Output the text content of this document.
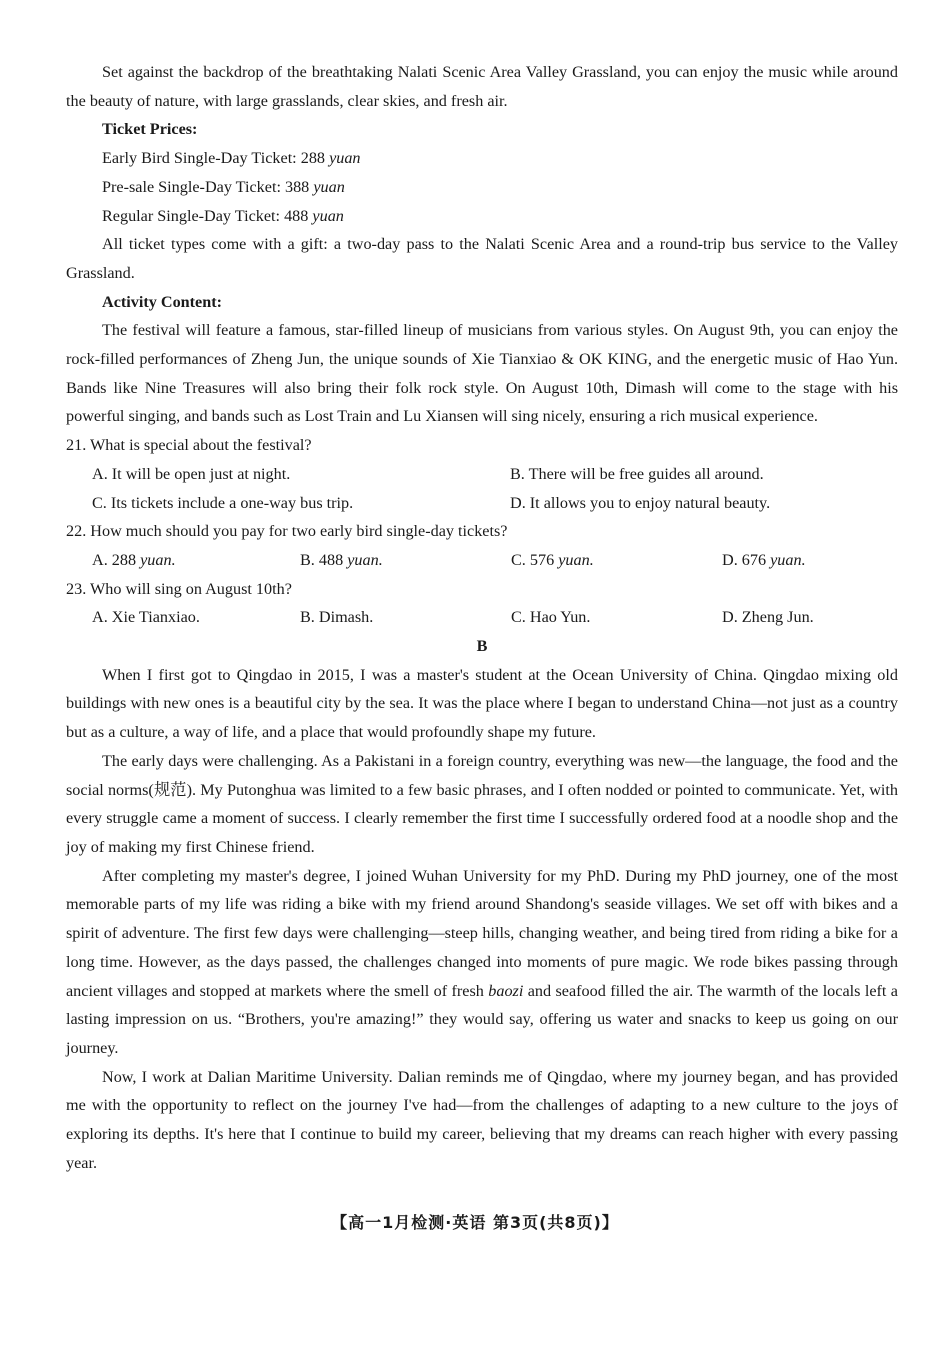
Set against the backdrop of the breathtaking Nalati Scenic Area Valley Grassland, you can enjoy the music while around the beauty of nature, with large grasslands, clear skies, and fresh air.

Ticket Prices:

Early Bird Single-Day Ticket: 288 yuan

Pre-sale Single-Day Ticket: 388 yuan

Regular Single-Day Ticket: 488 yuan

All ticket types come with a gift: a two-day pass to the Nalati Scenic Area and a round-trip bus service to the Valley Grassland.

Activity Content:

The festival will feature a famous, star-filled lineup of musicians from various styles. On August 9th, you can enjoy the rock-filled performances of Zheng Jun, the unique sounds of Xie Tianxiao & OK KING, and the energetic music of Hao Yun. Bands like Nine Treasures will also bring their folk rock style. On August 10th, Dimash will come to the stage with his powerful singing, and bands such as Lost Train and Lu Xiansen will sing nicely, ensuring a rich musical experience.

21. What is special about the festival?

A. It will be open just at night.	B. There will be free guides all around.
C. Its tickets include a one-way bus trip.	D. It allows you to enjoy natural beauty.

22. How much should you pay for two early bird single-day tickets?

A. 288 yuan.	B. 488 yuan.	C. 576 yuan.	D. 676 yuan.

23. Who will sing on August 10th?

A. Xie Tianxiao.	B. Dimash.	C. Hao Yun.	D. Zheng Jun.

B

When I first got to Qingdao in 2015, I was a master's student at the Ocean University of China. Qingdao mixing old buildings with new ones is a beautiful city by the sea. It was the place where I began to understand China—not just as a country but as a culture, a way of life, and a place that would profoundly shape my future.

The early days were challenging. As a Pakistani in a foreign country, everything was new—the language, the food and the social norms(规范). My Putonghua was limited to a few basic phrases, and I often nodded or pointed to communicate. Yet, with every struggle came a moment of success. I clearly remember the first time I successfully ordered food at a noodle shop and the joy of making my first Chinese friend.

After completing my master's degree, I joined Wuhan University for my PhD. During my PhD journey, one of the most memorable parts of my life was riding a bike with my friend around Shandong's seaside villages. We set off with bikes and a spirit of adventure. The first few days were challenging—steep hills, changing weather, and being tired from riding a bike for a long time. However, as the days passed, the challenges changed into moments of pure magic. We rode bikes passing through ancient villages and stopped at markets where the smell of fresh baozi and seafood filled the air. The warmth of the locals left a lasting impression on us. “Brothers, you're amazing!” they would say, offering us water and snacks to keep us going on our journey.

Now, I work at Dalian Maritime University. Dalian reminds me of Qingdao, where my journey began, and has provided me with the opportunity to reflect on the journey I've had—from the challenges of adapting to a new culture to the joys of exploring its depths. It's here that I continue to build my career, believing that my dreams can reach higher with every passing year.

【高一1月检测·英语 第3页(共8页)】
